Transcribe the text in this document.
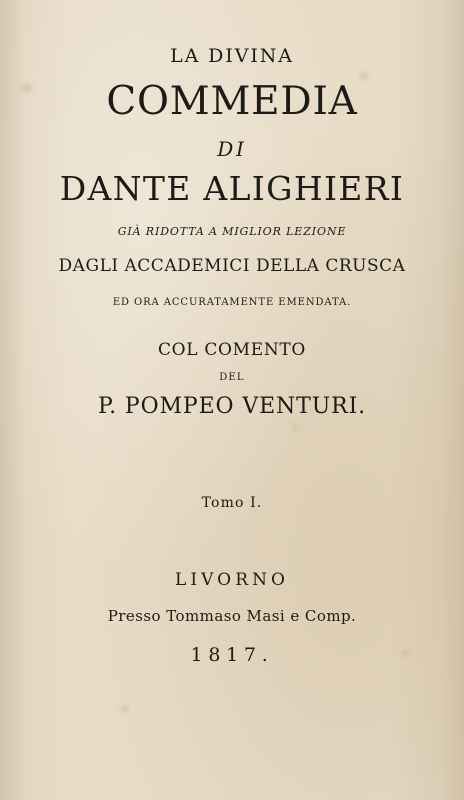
LA DIVINA
COMMEDIA
DI
DANTE ALIGHIERI
GIÀ RIDOTTA A MIGLIOR LEZIONE
DAGLI ACCADEMICI DELLA CRUSCA
ED ORA ACCURATAMENTE EMENDATA.
COL COMENTO
DEL
P. POMPEO VENTURI.
Tomo I.
LIVORNO
Presso Tommaso Masi e Comp.
1817.
